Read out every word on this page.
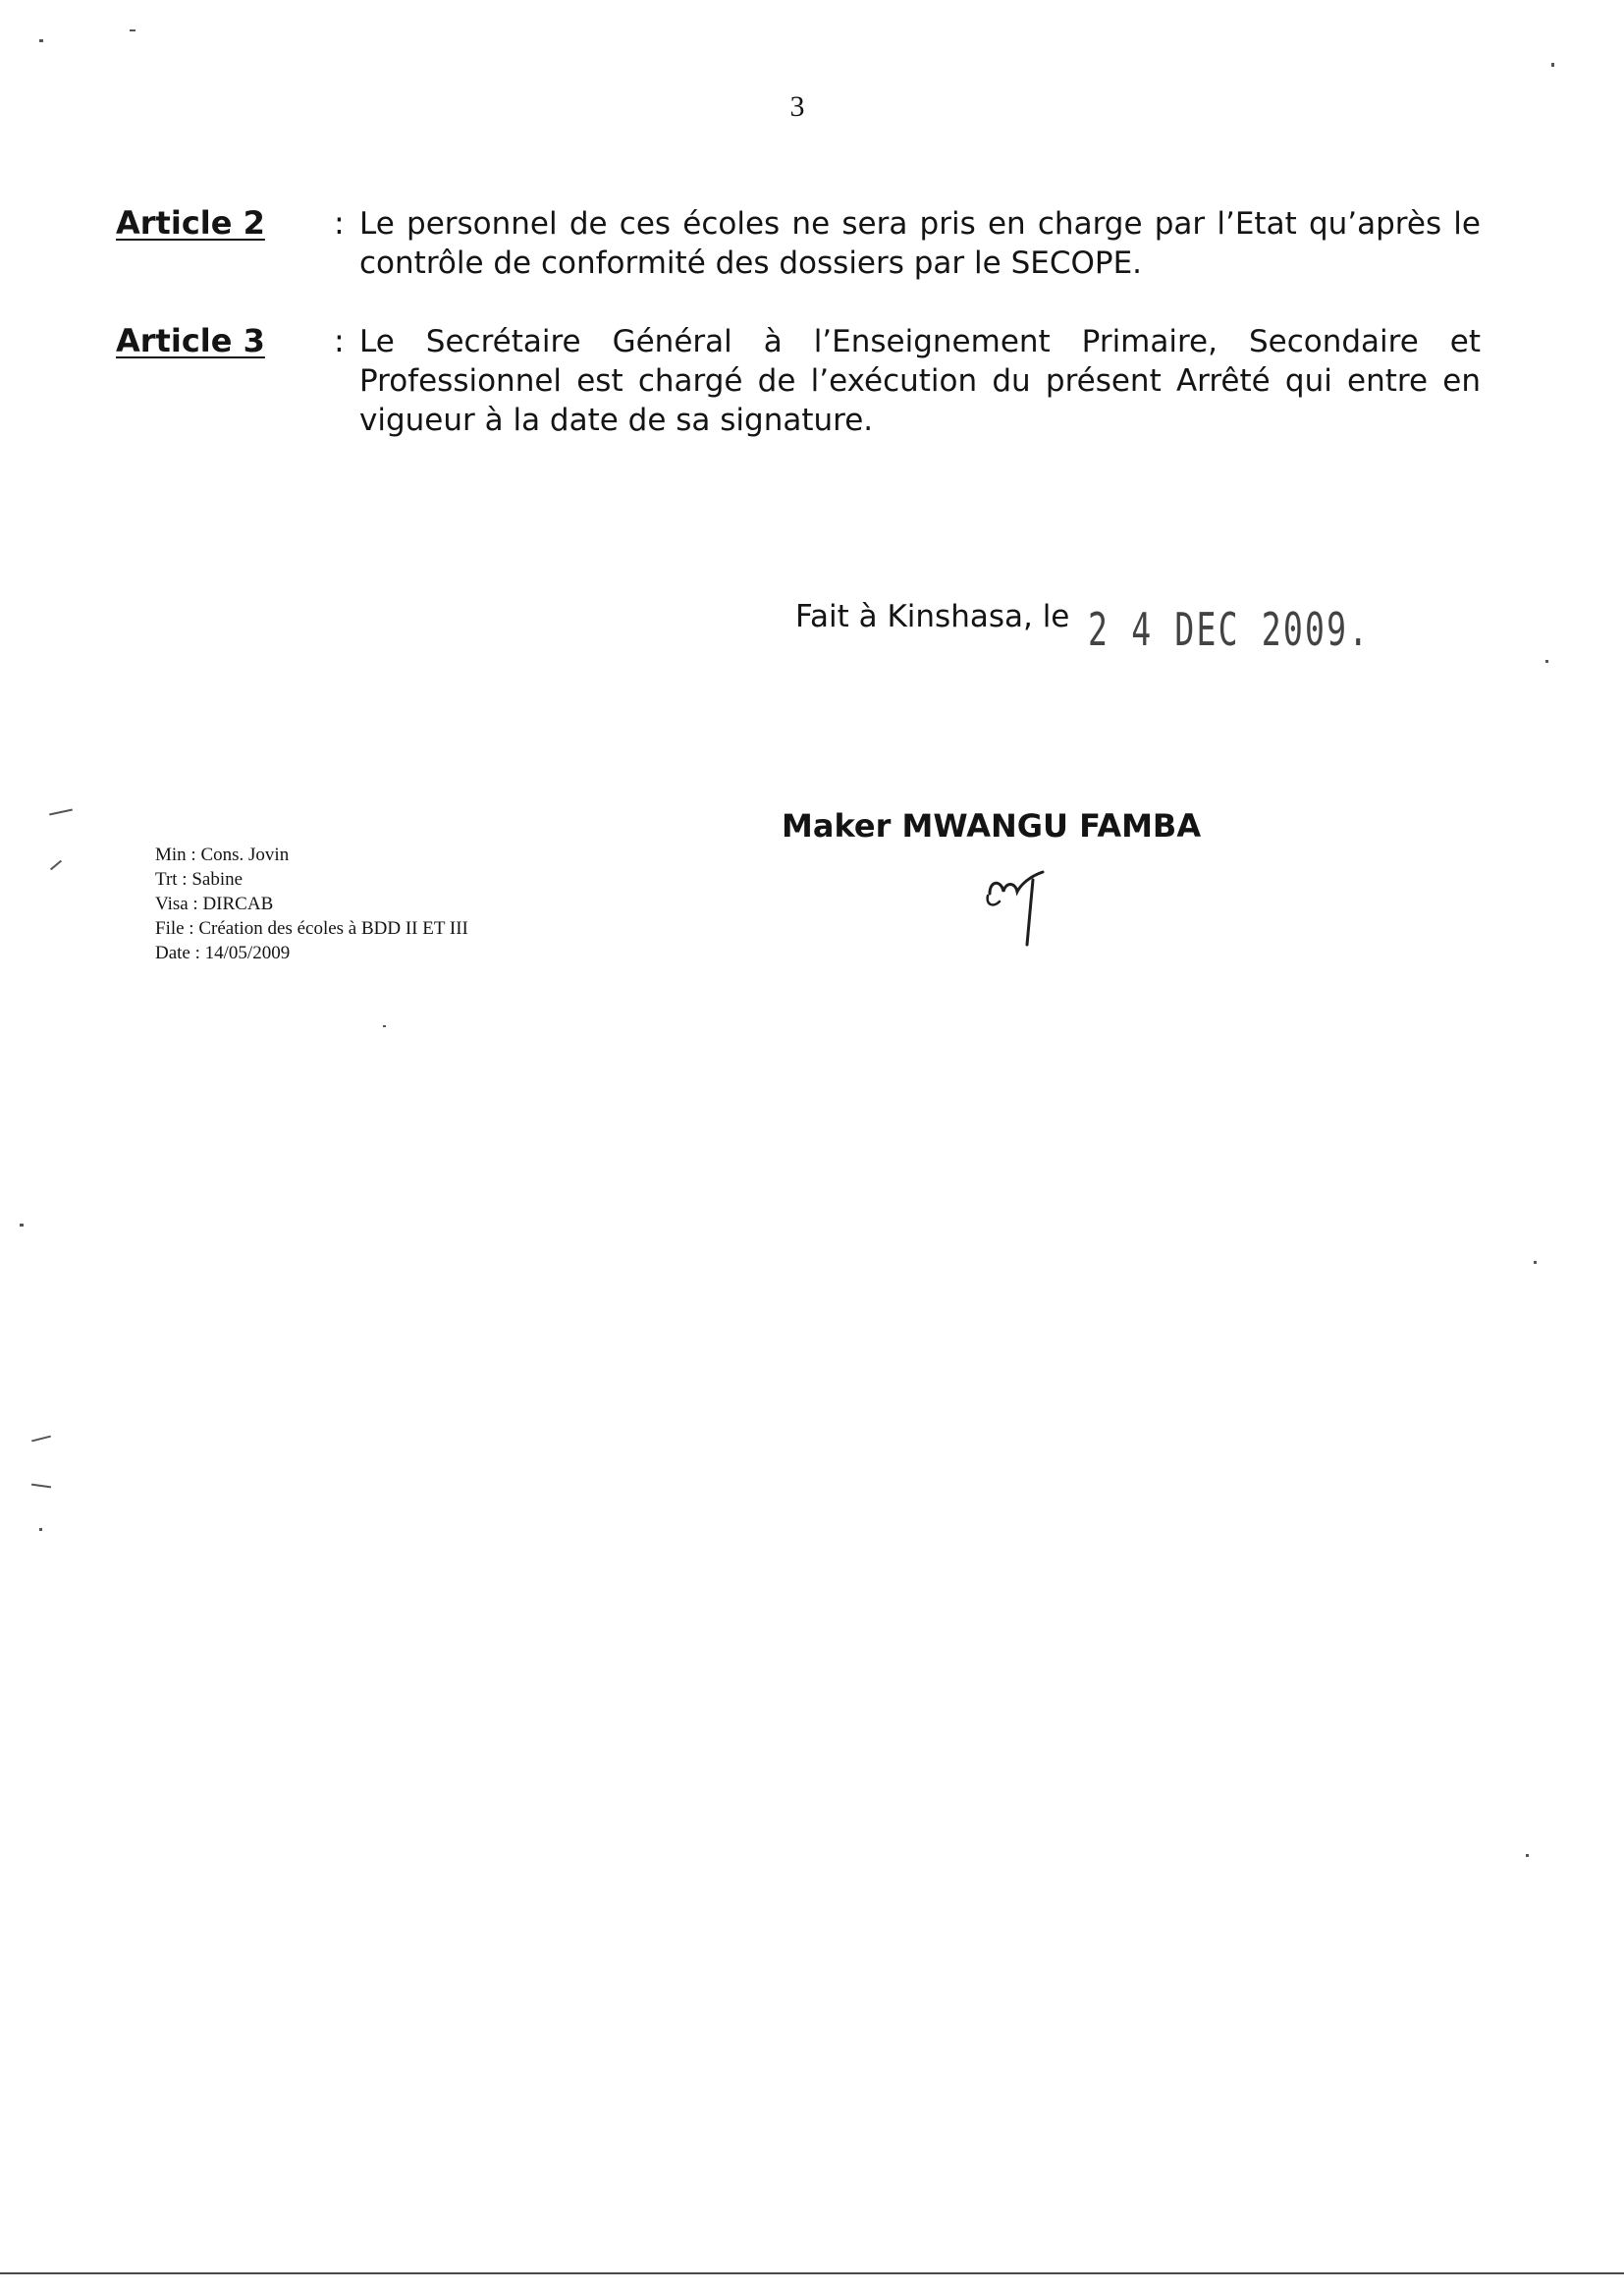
3
Article 2 : Le personnel de ces écoles ne sera pris en charge par l’Etat qu’après le contrôle de conformité des dossiers par le SECOPE.

Article 3 : Le Secrétaire Général à l’Enseignement Primaire, Secondaire et Professionnel est chargé de l’exécution du présent Arrêté qui entre en vigueur à la date de sa signature.

Fait à Kinshasa, le 2 4 DEC 2009.
Maker MWANGU FAMBA
Min : Cons. Jovin
Trt : Sabine
Visa : DIRCAB
File : Création des écoles à BDD II ET III
Date : 14/05/2009
